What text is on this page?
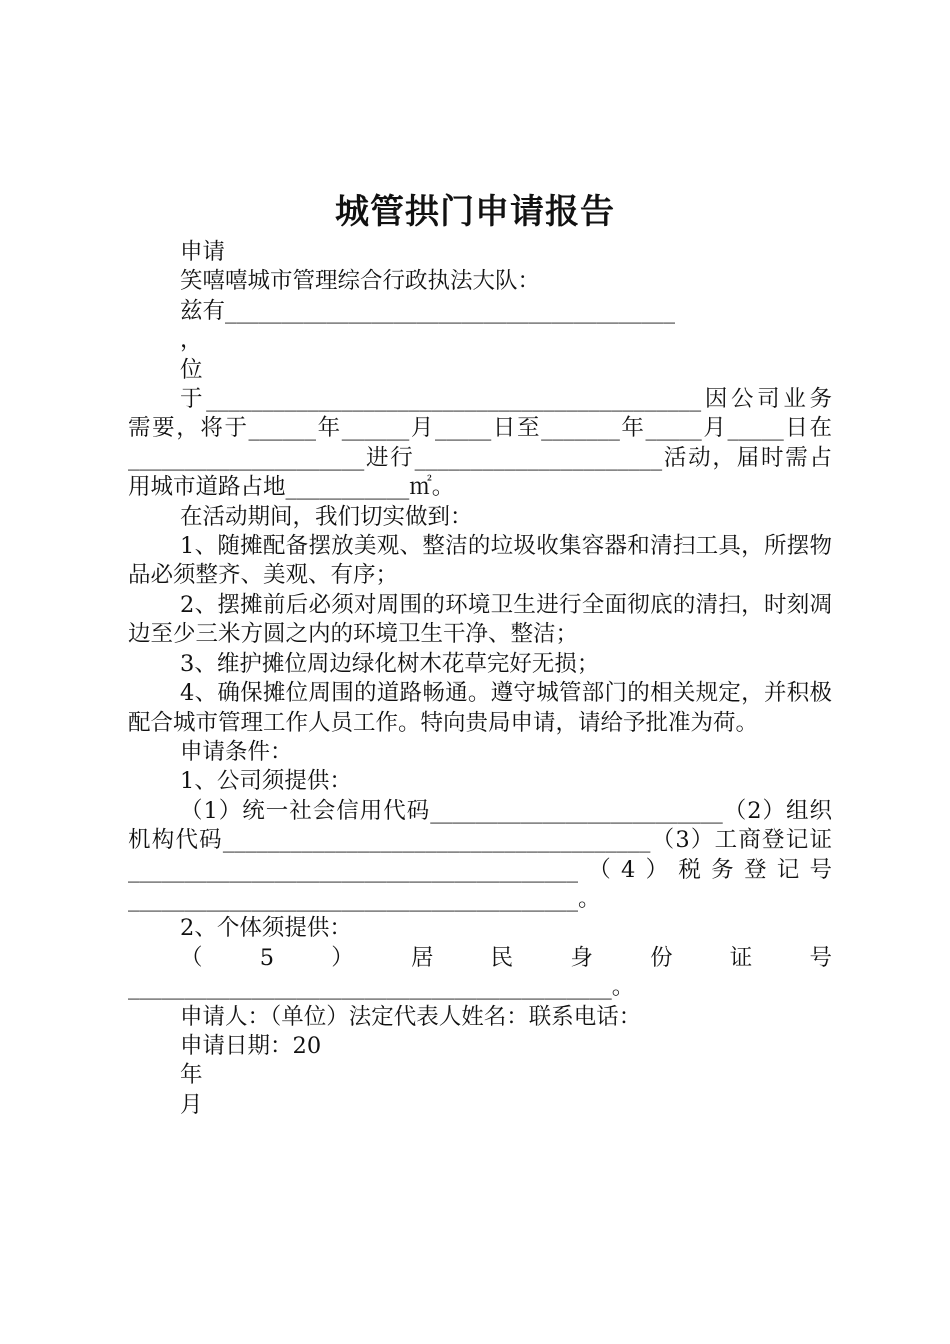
城管拱门申请报告

申请

笑嘻嘻城市管理综合行政执法大队：

兹有________________________________________

，

位

于____________________________________________因公司业务需要，将于______年______月_____日至_______年_____月_____日在_____________________进行______________________活动，届时需占用城市道路占地___________㎡。

在活动期间，我们切实做到：

1、随摊配备摆放美观、整洁的垃圾收集容器和清扫工具，所摆物品必须整齐、美观、有序；

2、摆摊前后必须对周围的环境卫生进行全面彻底的清扫，时刻凋边至少三米方圆之内的环境卫生干净、整洁；

3、维护摊位周边绿化树木花草完好无损；

4、确保摊位周围的道路畅通。遵守城管部门的相关规定，并积极配合城市管理工作人员工作。特向贵局申请，请给予批准为荷。

申请条件：

1、公司须提供：

（1）统一社会信用代码__________________________（2）组织机构代码______________________________________（3）工商登记证________________________________________（4）税务登记号________________________________________。

2、个体须提供：

（5）居民身份证号___________________________________________。

申请人：（单位）法定代表人姓名：联系电话：

申请日期：20

年

月
